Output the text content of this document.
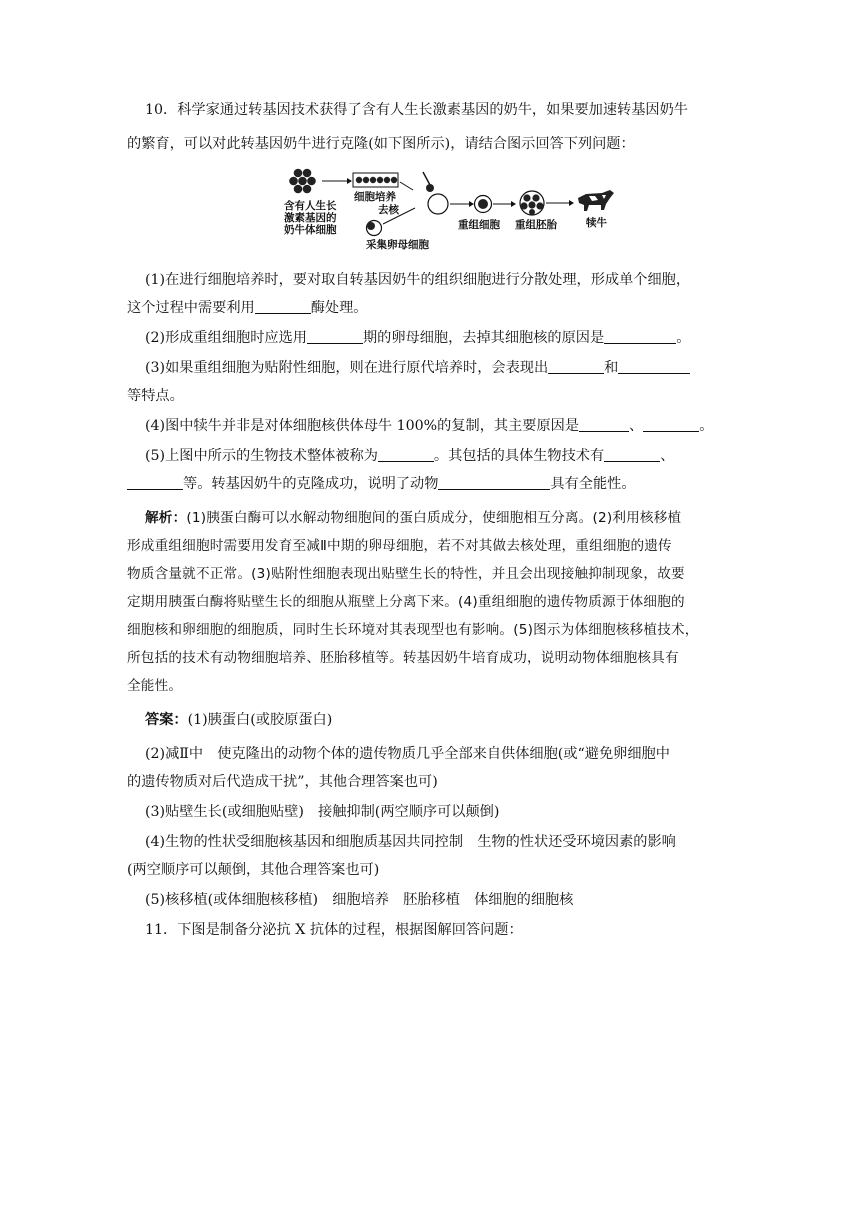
10．科学家通过转基因技术获得了含有人生长激素基因的奶牛，如果要加速转基因奶牛

的繁育，可以对此转基因奶牛进行克隆(如下图所示)，请结合图示回答下列问题：

含有人生长
激素基因的
奶牛体细胞
细胞培养
去核
采集卵母细胞
重组细胞 重组胚胎	犊牛

(1)在进行细胞培养时，要对取自转基因奶牛的组织细胞进行分散处理，形成单个细胞，

这个过程中需要利用	酶处理。

(2)形成重组细胞时应选用	期的卵母细胞，去掉其细胞核的原因是	。

(3)如果重组细胞为贴附性细胞，则在进行原代培养时，会表现出	和

等特点。

(4)图中犊牛并非是对体细胞核供体母牛 100%的复制，其主要原因是	、	。

(5)上图中所示的生物技术整体被称为	。其包括的具体生物技术有	、

等。转基因奶牛的克隆成功，说明了动物	具有全能性。

解析：(1)胰蛋白酶可以水解动物细胞间的蛋白质成分，使细胞相互分离。(2)利用核移植

形成重组细胞时需要用发育至减Ⅱ中期的卵母细胞，若不对其做去核处理，重组细胞的遗传

物质含量就不正常。(3)贴附性细胞表现出贴壁生长的特性，并且会出现接触抑制现象，故要

定期用胰蛋白酶将贴壁生长的细胞从瓶壁上分离下来。(4)重组细胞的遗传物质源于体细胞的

细胞核和卵细胞的细胞质，同时生长环境对其表现型也有影响。(5)图示为体细胞核移植技术，

所包括的技术有动物细胞培养、胚胎移植等。转基因奶牛培育成功，说明动物体细胞核具有

全能性。

答案：(1)胰蛋白(或胶原蛋白)

(2)减Ⅱ中　使克隆出的动物个体的遗传物质几乎全部来自供体细胞(或“避免卵细胞中

的遗传物质对后代造成干扰”，其他合理答案也可)

(3)贴壁生长(或细胞贴壁)　接触抑制(两空顺序可以颠倒)

(4)生物的性状受细胞核基因和细胞质基因共同控制　生物的性状还受环境因素的影响

(两空顺序可以颠倒，其他合理答案也可)

(5)核移植(或体细胞核移植)　细胞培养　胚胎移植　体细胞的细胞核

11．下图是制备分泌抗 X 抗体的过程，根据图解回答问题：
